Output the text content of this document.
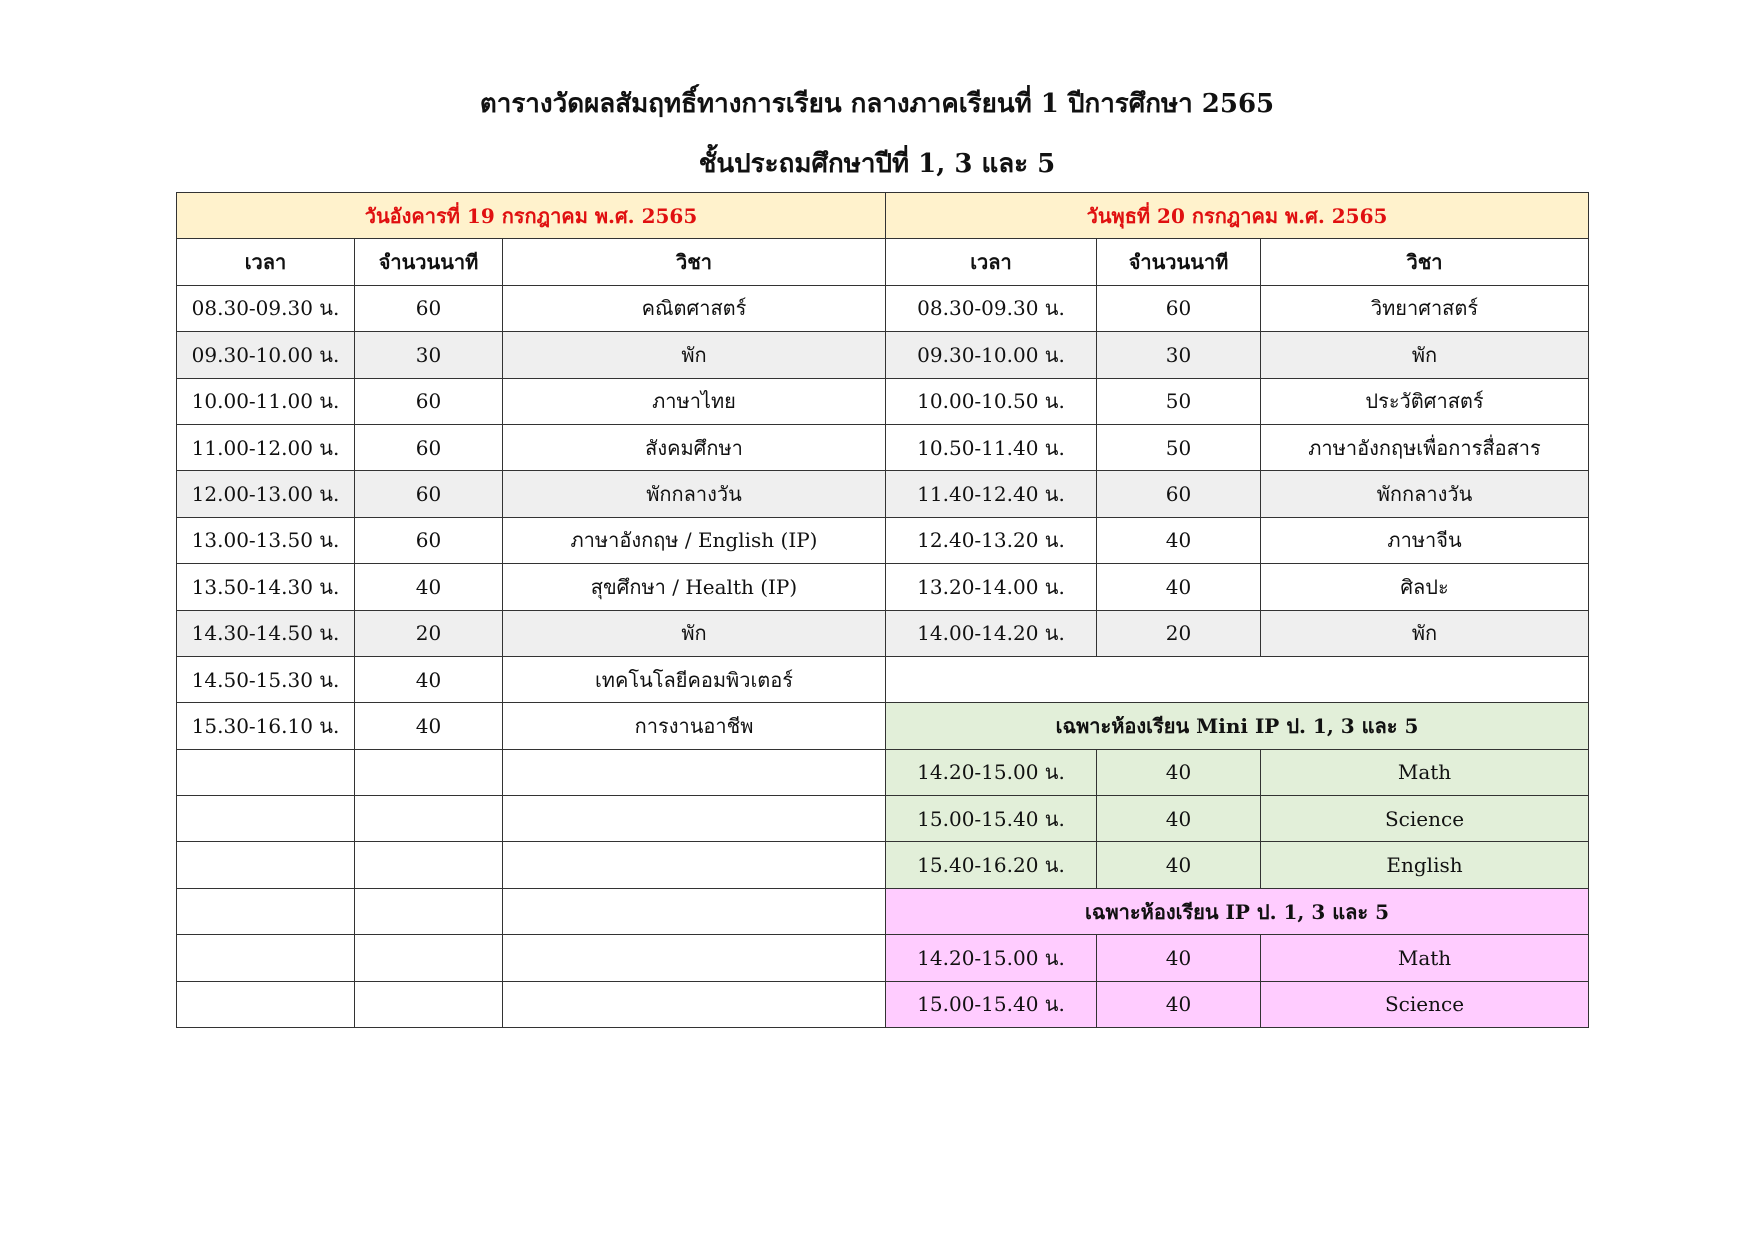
ตารางวัดผลสัมฤทธิ์ทางการเรียน กลางภาคเรียนที่ 1 ปีการศึกษา 2565
ชั้นประถมศึกษาปีที่ 1, 3 และ 5
วันอังคารที่ 19 กรกฎาคม พ.ศ. 2565			วันพุธที่ 20 กรกฎาคม พ.ศ. 2565		
เวลา	จำนวนนาที	วิชา	เวลา	จำนวนนาที	วิชา
08.30-09.30 น.	60	คณิตศาสตร์	08.30-09.30 น.	60	วิทยาศาสตร์
09.30-10.00 น.	30	พัก	09.30-10.00 น.	30	พัก
10.00-11.00 น.	60	ภาษาไทย	10.00-10.50 น.	50	ประวัติศาสตร์
11.00-12.00 น.	60	สังคมศึกษา	10.50-11.40 น.	50	ภาษาอังกฤษเพื่อการสื่อสาร
12.00-13.00 น.	60	พักกลางวัน	11.40-12.40 น.	60	พักกลางวัน
13.00-13.50 น.	60	ภาษาอังกฤษ / English (IP)	12.40-13.20 น.	40	ภาษาจีน
13.50-14.30 น.	40	สุขศึกษา / Health (IP)	13.20-14.00 น.	40	ศิลปะ
14.30-14.50 น.	20	พัก	14.00-14.20 น.	20	พัก
14.50-15.30 น.	40	เทคโนโลยีคอมพิวเตอร์			
15.30-16.10 น.	40	การงานอาชีพ	เฉพาะห้องเรียน Mini IP ป. 1, 3 และ 5		
			14.20-15.00 น.	40	Math
			15.00-15.40 น.	40	Science
			15.40-16.20 น.	40	English
			เฉพาะห้องเรียน IP ป. 1, 3 และ 5		
			14.20-15.00 น.	40	Math
			15.00-15.40 น.	40	Science
